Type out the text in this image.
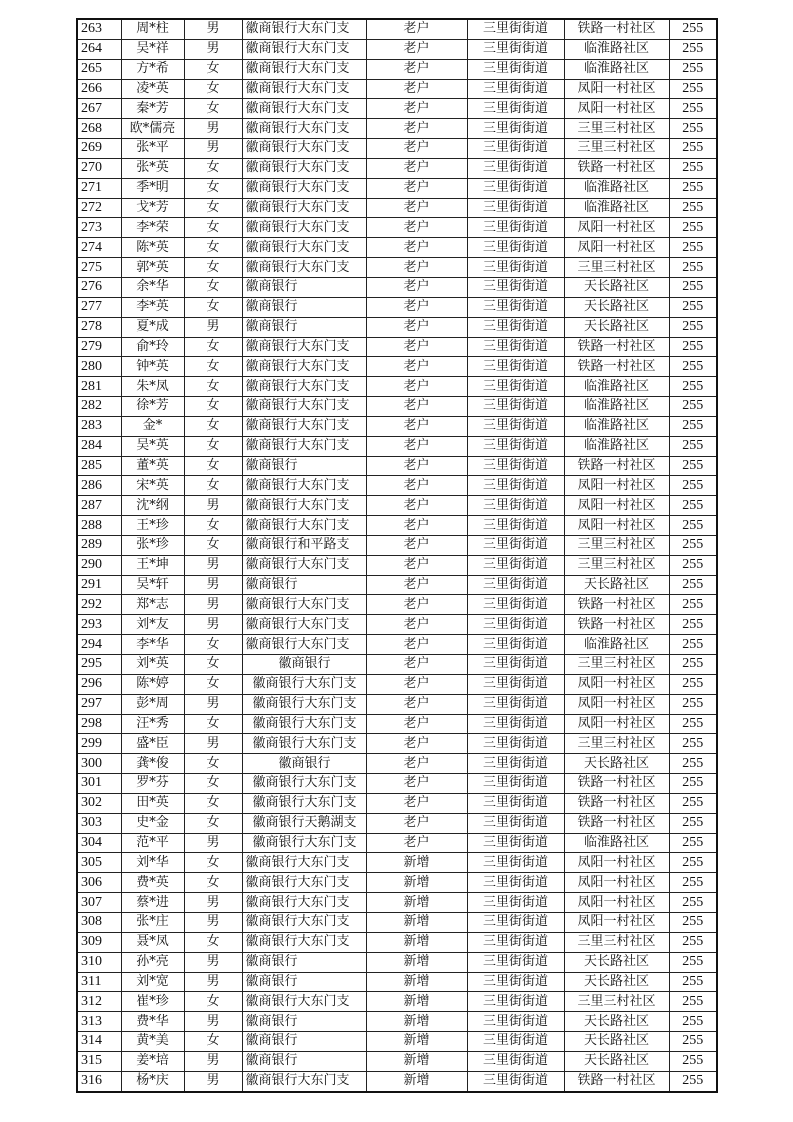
263	周*柱	男	徽商银行大东门支	老户	三里街街道	铁路一村社区	255
264	吴*祥	男	徽商银行大东门支	老户	三里街街道	临淮路社区	255
265	方*希	女	徽商银行大东门支	老户	三里街街道	临淮路社区	255
266	凌*英	女	徽商银行大东门支	老户	三里街街道	凤阳一村社区	255
267	秦*芳	女	徽商银行大东门支	老户	三里街街道	凤阳一村社区	255
268	欧*儒亮	男	徽商银行大东门支	老户	三里街街道	三里三村社区	255
269	张*平	男	徽商银行大东门支	老户	三里街街道	三里三村社区	255
270	张*英	女	徽商银行大东门支	老户	三里街街道	铁路一村社区	255
271	季*明	女	徽商银行大东门支	老户	三里街街道	临淮路社区	255
272	戈*芳	女	徽商银行大东门支	老户	三里街街道	临淮路社区	255
273	李*荣	女	徽商银行大东门支	老户	三里街街道	凤阳一村社区	255
274	陈*英	女	徽商银行大东门支	老户	三里街街道	凤阳一村社区	255
275	郭*英	女	徽商银行大东门支	老户	三里街街道	三里三村社区	255
276	余*华	女	徽商银行	老户	三里街街道	天长路社区	255
277	李*英	女	徽商银行	老户	三里街街道	天长路社区	255
278	夏*成	男	徽商银行	老户	三里街街道	天长路社区	255
279	俞*玲	女	徽商银行大东门支	老户	三里街街道	铁路一村社区	255
280	钟*英	女	徽商银行大东门支	老户	三里街街道	铁路一村社区	255
281	朱*凤	女	徽商银行大东门支	老户	三里街街道	临淮路社区	255
282	徐*芳	女	徽商银行大东门支	老户	三里街街道	临淮路社区	255
283	金*	女	徽商银行大东门支	老户	三里街街道	临淮路社区	255
284	吴*英	女	徽商银行大东门支	老户	三里街街道	临淮路社区	255
285	董*英	女	徽商银行	老户	三里街街道	铁路一村社区	255
286	宋*英	女	徽商银行大东门支	老户	三里街街道	凤阳一村社区	255
287	沈*纲	男	徽商银行大东门支	老户	三里街街道	凤阳一村社区	255
288	王*珍	女	徽商银行大东门支	老户	三里街街道	凤阳一村社区	255
289	张*珍	女	徽商银行和平路支	老户	三里街街道	三里三村社区	255
290	王*坤	男	徽商银行大东门支	老户	三里街街道	三里三村社区	255
291	吴*轩	男	徽商银行	老户	三里街街道	天长路社区	255
292	郑*志	男	徽商银行大东门支	老户	三里街街道	铁路一村社区	255
293	刘*友	男	徽商银行大东门支	老户	三里街街道	铁路一村社区	255
294	李*华	女	徽商银行大东门支	老户	三里街街道	临淮路社区	255
295	刘*英	女	徽商银行	老户	三里街街道	三里三村社区	255
296	陈*婷	女	徽商银行大东门支	老户	三里街街道	凤阳一村社区	255
297	彭*周	男	徽商银行大东门支	老户	三里街街道	凤阳一村社区	255
298	汪*秀	女	徽商银行大东门支	老户	三里街街道	凤阳一村社区	255
299	盛*臣	男	徽商银行大东门支	老户	三里街街道	三里三村社区	255
300	龚*俊	女	徽商银行	老户	三里街街道	天长路社区	255
301	罗*芬	女	徽商银行大东门支	老户	三里街街道	铁路一村社区	255
302	田*英	女	徽商银行大东门支	老户	三里街街道	铁路一村社区	255
303	史*金	女	徽商银行天鹅湖支	老户	三里街街道	铁路一村社区	255
304	范*平	男	徽商银行大东门支	老户	三里街街道	临淮路社区	255
305	刘*华	女	徽商银行大东门支	新增	三里街街道	凤阳一村社区	255
306	费*英	女	徽商银行大东门支	新增	三里街街道	凤阳一村社区	255
307	蔡*进	男	徽商银行大东门支	新增	三里街街道	凤阳一村社区	255
308	张*庄	男	徽商银行大东门支	新增	三里街街道	凤阳一村社区	255
309	聂*凤	女	徽商银行大东门支	新增	三里街街道	三里三村社区	255
310	孙*亮	男	徽商银行	新增	三里街街道	天长路社区	255
311	刘*宽	男	徽商银行	新增	三里街街道	天长路社区	255
312	崔*珍	女	徽商银行大东门支	新增	三里街街道	三里三村社区	255
313	费*华	男	徽商银行	新增	三里街街道	天长路社区	255
314	黄*美	女	徽商银行	新增	三里街街道	天长路社区	255
315	姜*培	男	徽商银行	新增	三里街街道	天长路社区	255
316	杨*庆	男	徽商银行大东门支	新增	三里街街道	铁路一村社区	255
